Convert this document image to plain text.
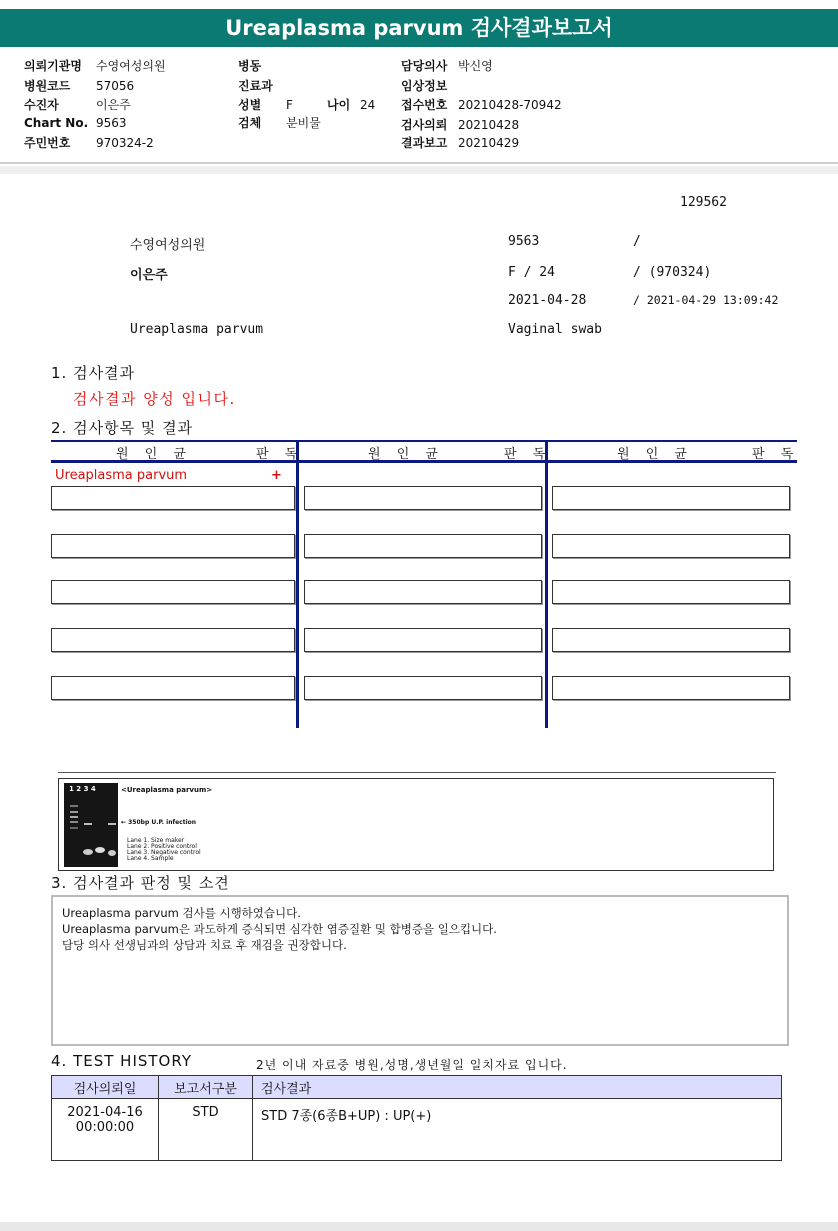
Ureaplasma parvum 검사결과보고서
의뢰기관명 수영여성의원
병원코드 57056
수진자	이은주
Chart No. 9563
주민번호 970324-2
병동
진료과
성별 F	나이 24
검체 분비물
담당의사 박신영
임상정보
접수번호 20210428-70942
검사의뢰 20210428
결과보고 20210429
129562
수영여성의원	9563	/
이은주	F / 24	/ (970324)
2021-04-28	/ 2021-04-29 13:09:42
Ureaplasma parvum	Vaginal swab
1. 검사결과
검사결과 양성 입니다.
2. 검사항목 및 결과
원 인 균	판 독	원 인 균	판 독	원 인 균	판 독
Ureaplasma parvum	+
1 2 3 4	<Ureaplasma parvum>
← 350bp U.P. infection
Lane 1. Size maker
Lane 2. Positive control
Lane 3. Negative control
Lane 4. Sample
3. 검사결과 판정 및 소견
Ureaplasma parvum 검사를 시행하였습니다.
Ureaplasma parvum은 과도하게 증식되면 심각한 염증질환 및 합병증을 일으킵니다.
담당 의사 선생님과의 상담과 치료 후 재검을 권장합니다.
4. TEST HISTORY	2년 이내 자료중 병원,성명,생년월일 일치자료 입니다.
검사의뢰일	보고서구분	검사결과

2021-04-16
00:00:00	STD	STD 7종(6종B+UP) : UP(+)
